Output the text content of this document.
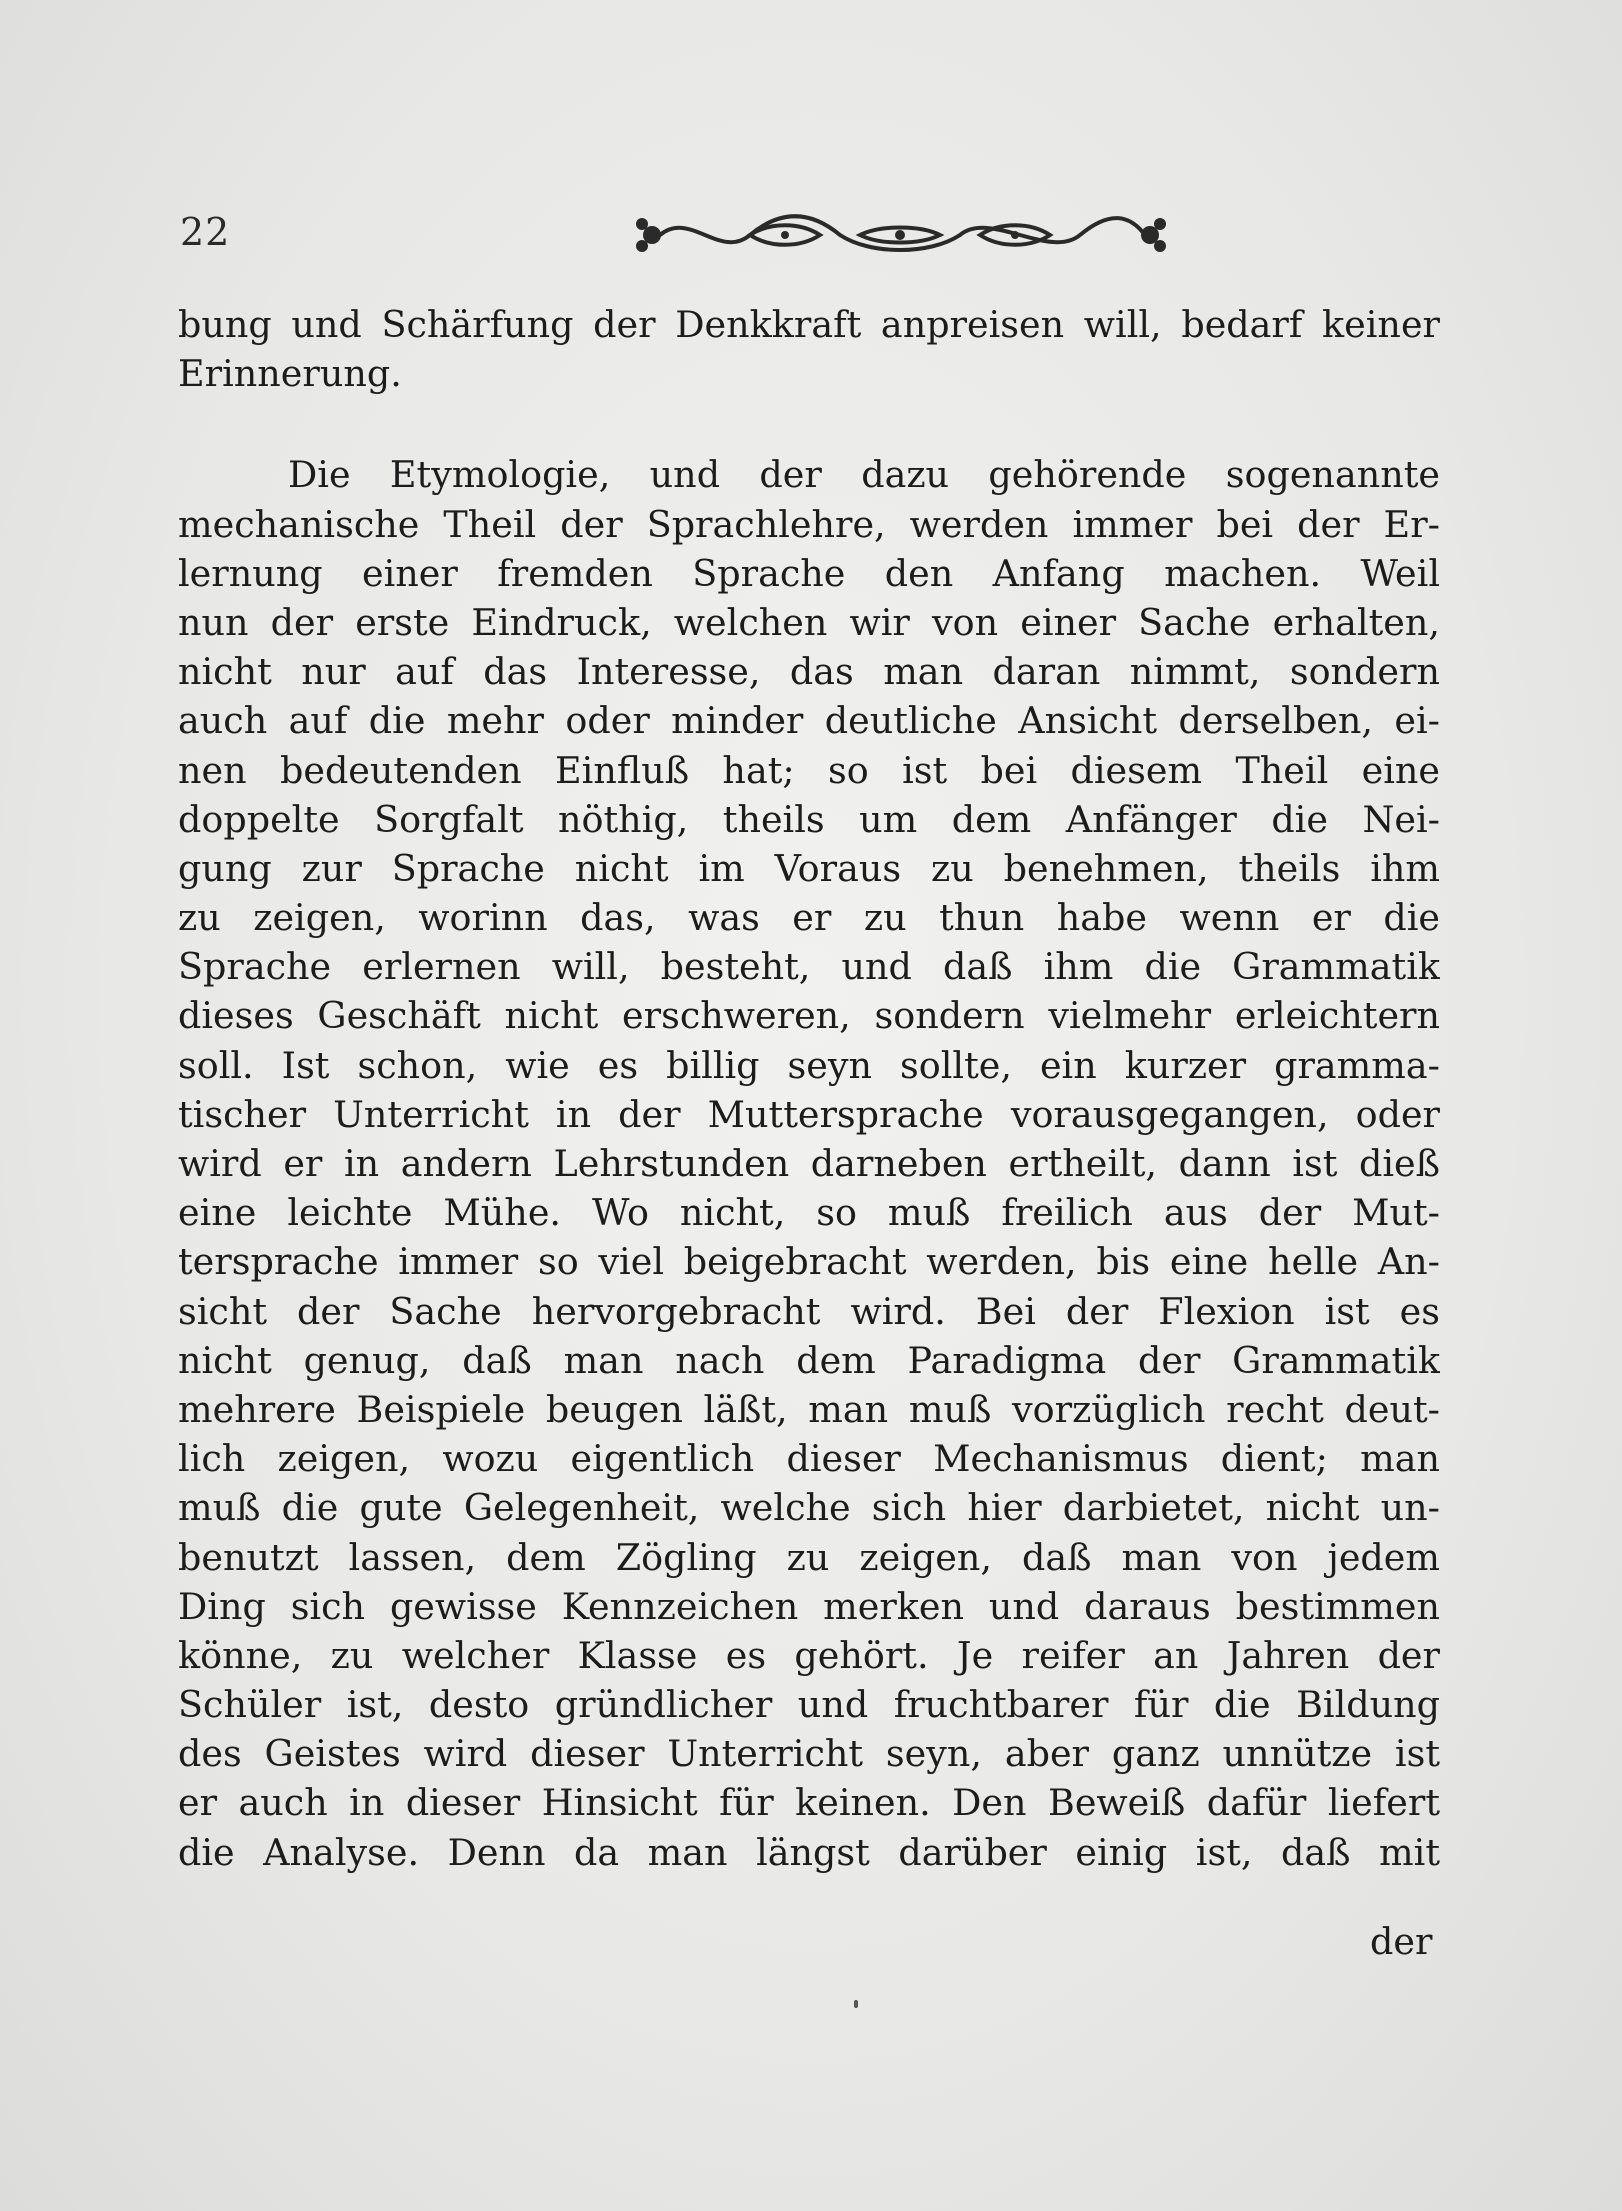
22
bung und Schärfung der Denkkraft anpreisen will, bedarf keiner
Erinnerung.
Die Etymologie, und der dazu gehörende sogenannte
mechanische Theil der Sprachlehre, werden immer bei der Er-
lernung einer fremden Sprache den Anfang machen. Weil
nun der erste Eindruck, welchen wir von einer Sache erhalten,
nicht nur auf das Interesse, das man daran nimmt, sondern
auch auf die mehr oder minder deutliche Ansicht derselben, ei-
nen bedeutenden Einfluß hat; so ist bei diesem Theil eine
doppelte Sorgfalt nöthig, theils um dem Anfänger die Nei-
gung zur Sprache nicht im Voraus zu benehmen, theils ihm
zu zeigen, worinn das, was er zu thun habe wenn er die
Sprache erlernen will, besteht, und daß ihm die Grammatik
dieses Geschäft nicht erschweren, sondern vielmehr erleichtern
soll. Ist schon, wie es billig seyn sollte, ein kurzer gramma-
tischer Unterricht in der Muttersprache vorausgegangen, oder
wird er in andern Lehrstunden darneben ertheilt, dann ist dieß
eine leichte Mühe. Wo nicht, so muß freilich aus der Mut-
tersprache immer so viel beigebracht werden, bis eine helle An-
sicht der Sache hervorgebracht wird. Bei der Flexion ist es
nicht genug, daß man nach dem Paradigma der Grammatik
mehrere Beispiele beugen läßt, man muß vorzüglich recht deut-
lich zeigen, wozu eigentlich dieser Mechanismus dient; man
muß die gute Gelegenheit, welche sich hier darbietet, nicht un-
benutzt lassen, dem Zögling zu zeigen, daß man von jedem
Ding sich gewisse Kennzeichen merken und daraus bestimmen
könne, zu welcher Klasse es gehört. Je reifer an Jahren der
Schüler ist, desto gründlicher und fruchtbarer für die Bildung
des Geistes wird dieser Unterricht seyn, aber ganz unnütze ist
er auch in dieser Hinsicht für keinen. Den Beweiß dafür liefert
die Analyse. Denn da man längst darüber einig ist, daß mit
der
